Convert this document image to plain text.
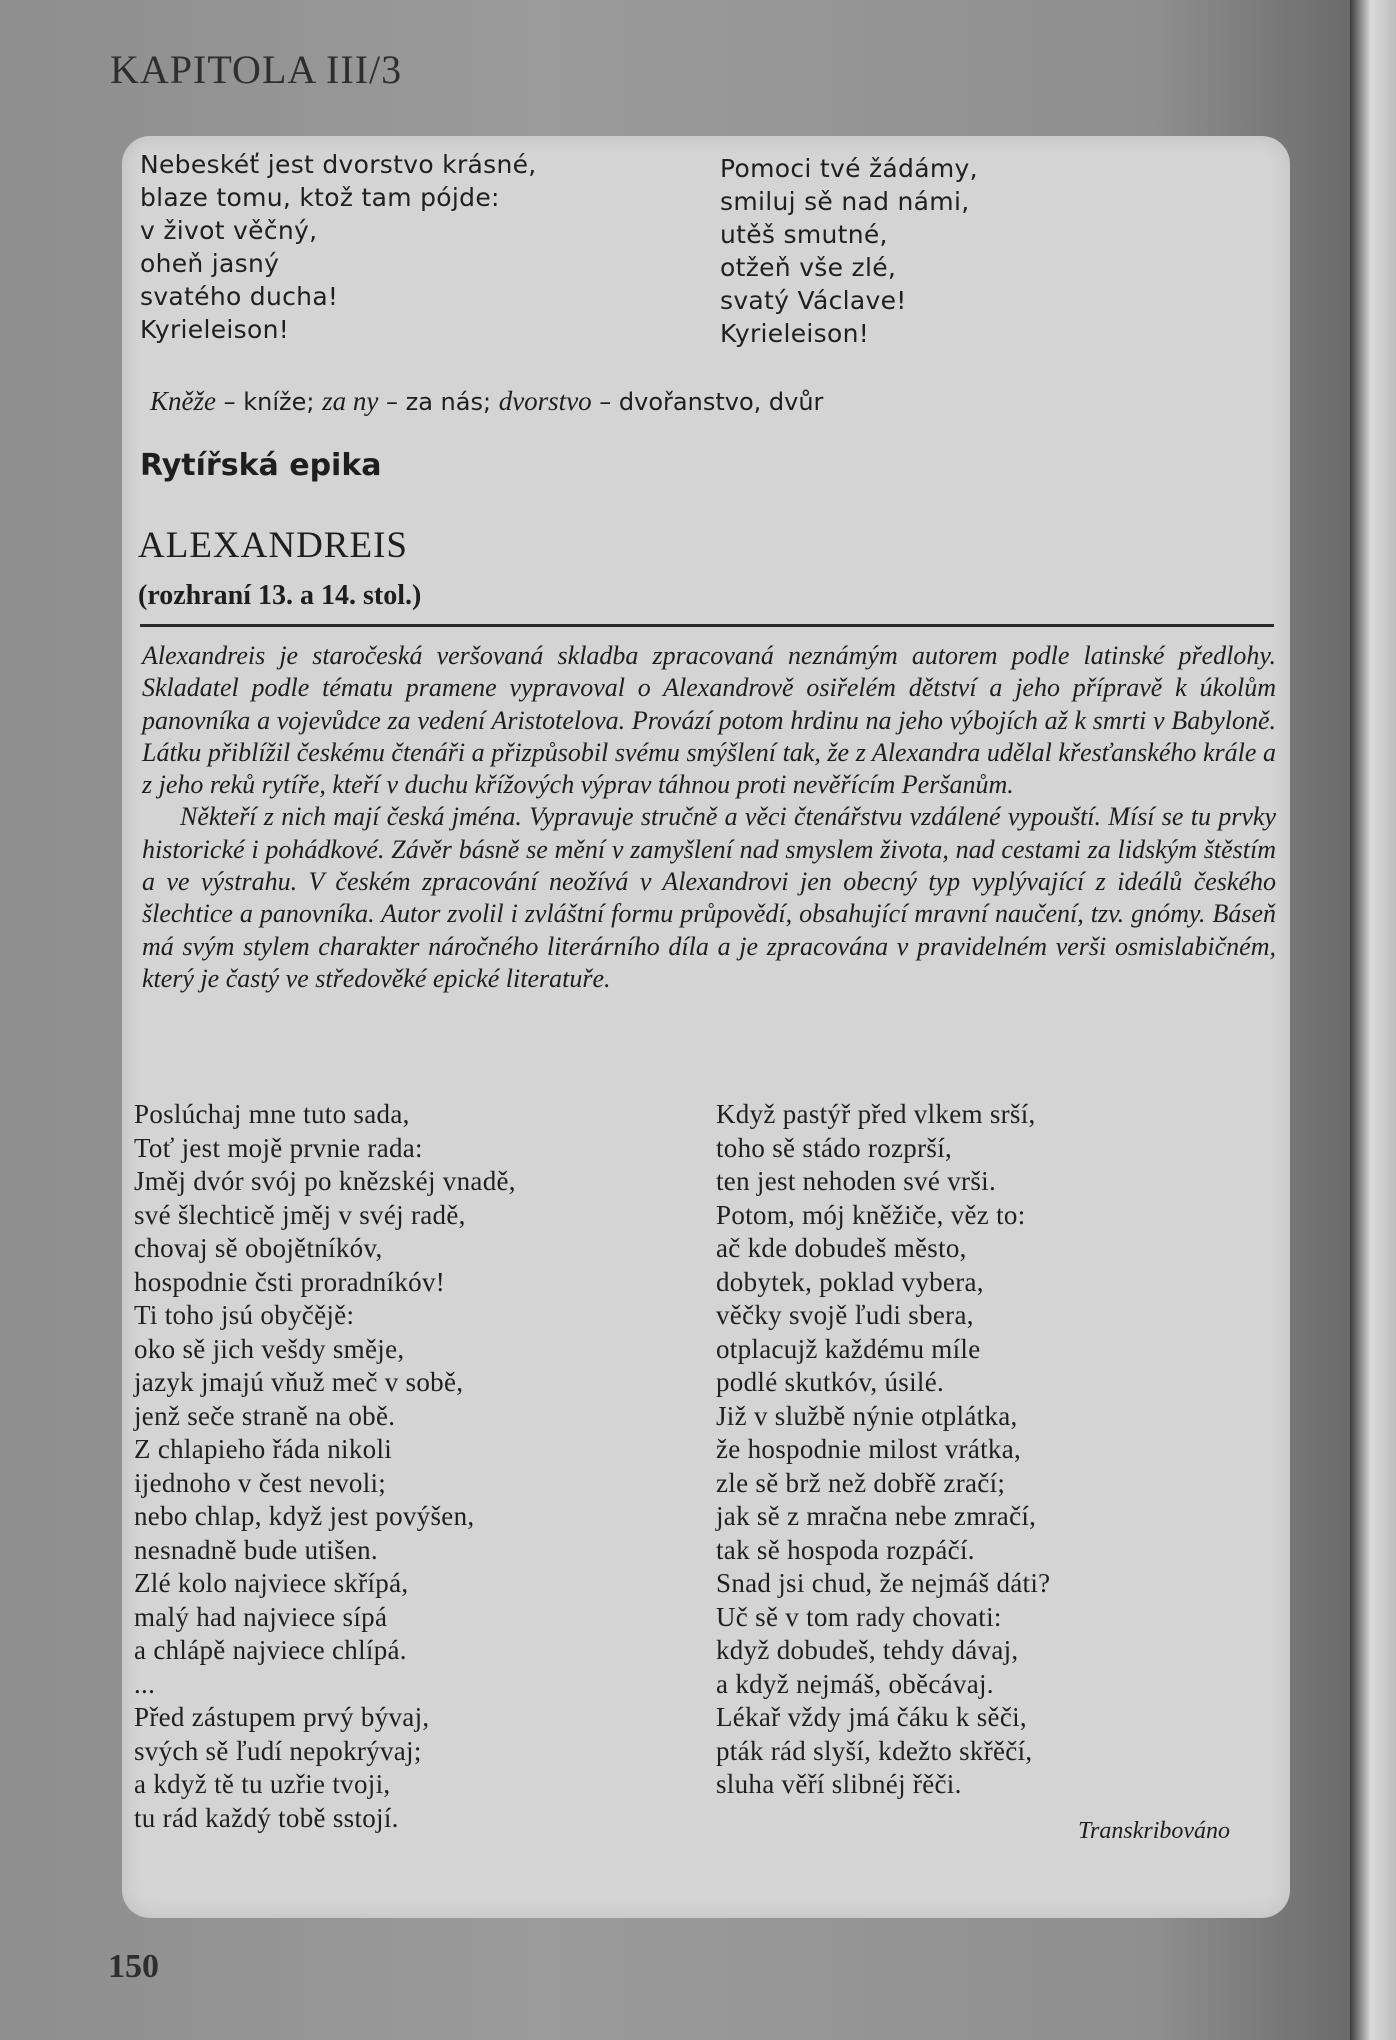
KAPITOLA III/3
Nebeskéť jest dvorstvo krásné,
blaze tomu, ktož tam pójde:
v život věčný,
oheň jasný
svatého ducha!
Kyrieleison!
Pomoci tvé žádámy,
smiluj sě nad námi,
utěš smutné,
otžeň vše zlé,
svatý Václave!
Kyrieleison!
Kněže – kníže; za ny – za nás; dvorstvo – dvořanstvo, dvůr
Rytířská epika
ALEXANDREIS
(rozhraní 13. a 14. stol.)

Alexandreis je staročeská veršovaná skladba zpracovaná neznámým autorem podle latinské předlohy. Skladatel podle tématu pramene vypravoval o Alexandrově osiřelém dětství a jeho přípravě k úkolům panovníka a vojevůdce za vedení Aristotelova. Provází potom hrdinu na jeho výbojích až k smrti v Babyloně. Látku přiblížil českému čtenáři a přizpůsobil svému smýšlení tak, že z Alexandra udělal křesťanského krále a z jeho reků rytíře, kteří v duchu křížových výprav táhnou proti nevěřícím Peršanům.

Někteří z nich mají česká jména. Vypravuje stručně a věci čtenářstvu vzdálené vypouští. Mísí se tu prvky historické i pohádkové. Závěr básně se mění v zamyšlení nad smyslem života, nad cestami za lidským štěstím a ve výstrahu. V českém zpracování neožívá v Alexandrovi jen obecný typ vyplývající z ideálů českého šlechtice a panovníka. Autor zvolil i zvláštní formu průpovědí, obsahující mravní naučení, tzv. gnómy. Báseň má svým stylem charakter náročného literárního díla a je zpracována v pravidelném verši osmislabičném, který je častý ve středověké epické literatuře.

Poslúchaj mne tuto sada,
Toť jest mojě prvnie rada:
Jměj dvór svój po knězskéj vnadě,
své šlechticě jměj v svéj radě,
chovaj sě obojětníkóv,
hospodnie čsti proradníkóv!
Ti toho jsú obyčějě:
oko sě jich vešdy směje,
jazyk jmajú vňuž meč v sobě,
jenž seče straně na obě.
Z chlapieho řáda nikoli
ijednoho v čest nevoli;
nebo chlap, když jest povýšen,
nesnadně bude utišen.
Zlé kolo najviece skřípá,
malý had najviece sípá
a chlápě najviece chlípá.
...
Před zástupem prvý bývaj,
svých sě ľudí nepokrývaj;
a když tě tu uzřie tvoji,
tu rád každý tobě sstojí.
Když pastýř před vlkem srší,
toho sě stádo rozprší,
ten jest nehoden své vrši.
Potom, mój kněžiče, věz to:
ač kde dobudeš město,
dobytek, poklad vybera,
věčky svojě ľudi sbera,
otplacujž každému míle
podlé skutkóv, úsilé.
Již v službě nýnie otplátka,
že hospodnie milost vrátka,
zle sě brž než dobřě zračí;
jak sě z mračna nebe zmračí,
tak sě hospoda rozpáčí.
Snad jsi chud, že nejmáš dáti?
Uč sě v tom rady chovati:
když dobudeš, tehdy dávaj,
a když nejmáš, oběcávaj.
Lékař vždy jmá čáku k sěči,
pták rád slyší, kdežto skřěčí,
sluha věří slibnéj řěči.
Transkribováno
150
